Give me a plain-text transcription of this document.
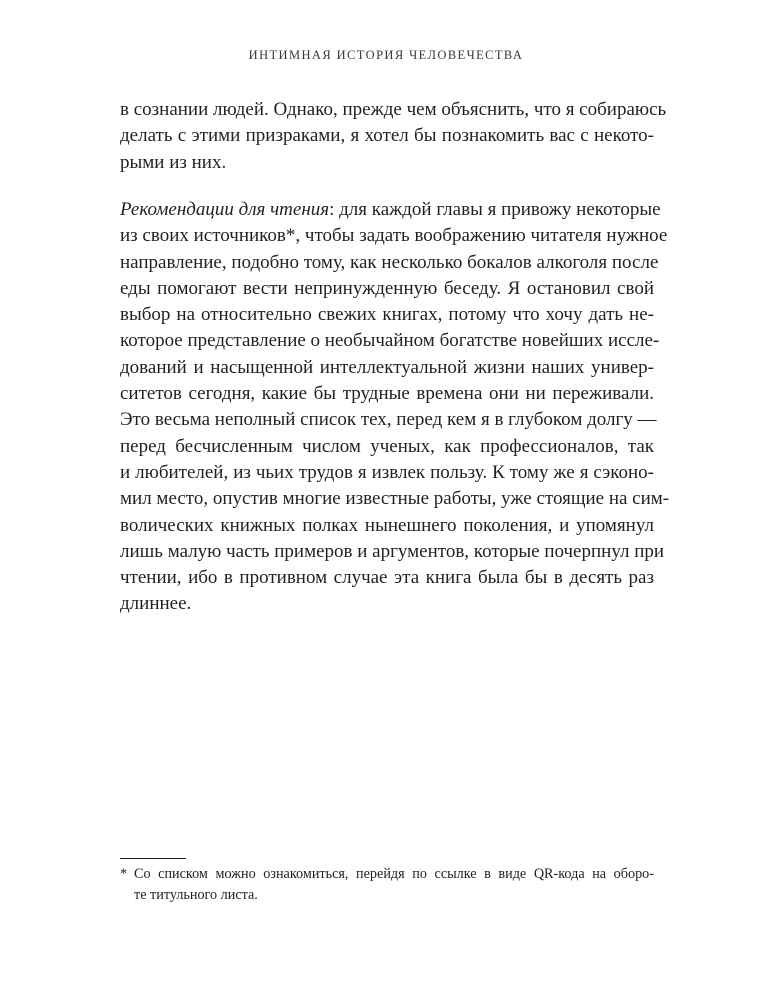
ИНТИМНАЯ ИСТОРИЯ ЧЕЛОВЕЧЕСТВА
в сознании людей. Однако, прежде чем объяснить, что я собираюсь
делать с этими призраками, я хотел бы познакомить вас с некото-
рыми из них.
Рекомендации для чтения: для каждой главы я привожу некоторые
из своих источников*, чтобы задать воображению читателя нужное
направление, подобно тому, как несколько бокалов алкоголя после
еды помогают вести непринужденную беседу. Я остановил свой
выбор на относительно свежих книгах, потому что хочу дать не-
которое представление о необычайном богатстве новейших иссле-
дований и насыщенной интеллектуальной жизни наших универ-
ситетов сегодня, какие бы трудные времена они ни переживали.
Это весьма неполный список тех, перед кем я в глубоком долгу —
перед бесчисленным числом ученых, как профессионалов, так
и любителей, из чьих трудов я извлек пользу. К тому же я сэконо-
мил место, опустив многие известные работы, уже стоящие на сим-
волических книжных полках нынешнего поколения, и упомянул
лишь малую часть примеров и аргументов, которые почерпнул при
чтении, ибо в противном случае эта книга была бы в десять раз
длиннее.
* Со списком можно ознакомиться, перейдя по ссылке в виде QR-кода на оборо-
те титульного листа.
